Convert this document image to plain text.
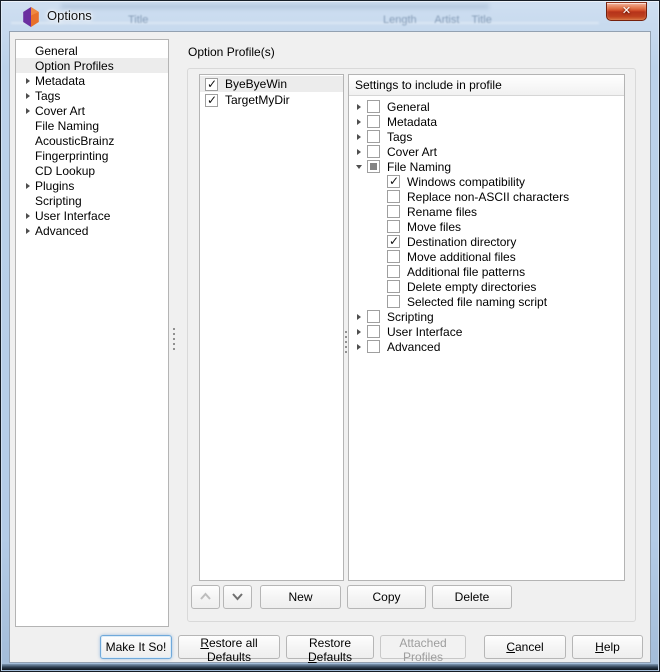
Options	Title	Length      Artist    Title
✕
General
Option Profiles
Metadata
Tags
Cover Art
File Naming
AcousticBrainz
Fingerprinting
CD Lookup
Plugins
Scripting
User Interface
Advanced
Option Profile(s)
✓
ByeByeWin
✓
TargetMyDir
Settings to include in profile
General
Metadata
Tags
Cover Art
File Naming
✓
Windows compatibility
Replace non-ASCII characters
Rename files
Move files
✓
Destination directory
Move additional files
Additional file patterns
Delete empty directories
Selected file naming script
Scripting
User Interface
Advanced
New	Copy	Delete
Make It So!	Restore all Defaults
Restore Defaults
Attached Profiles
Cancel	Help
